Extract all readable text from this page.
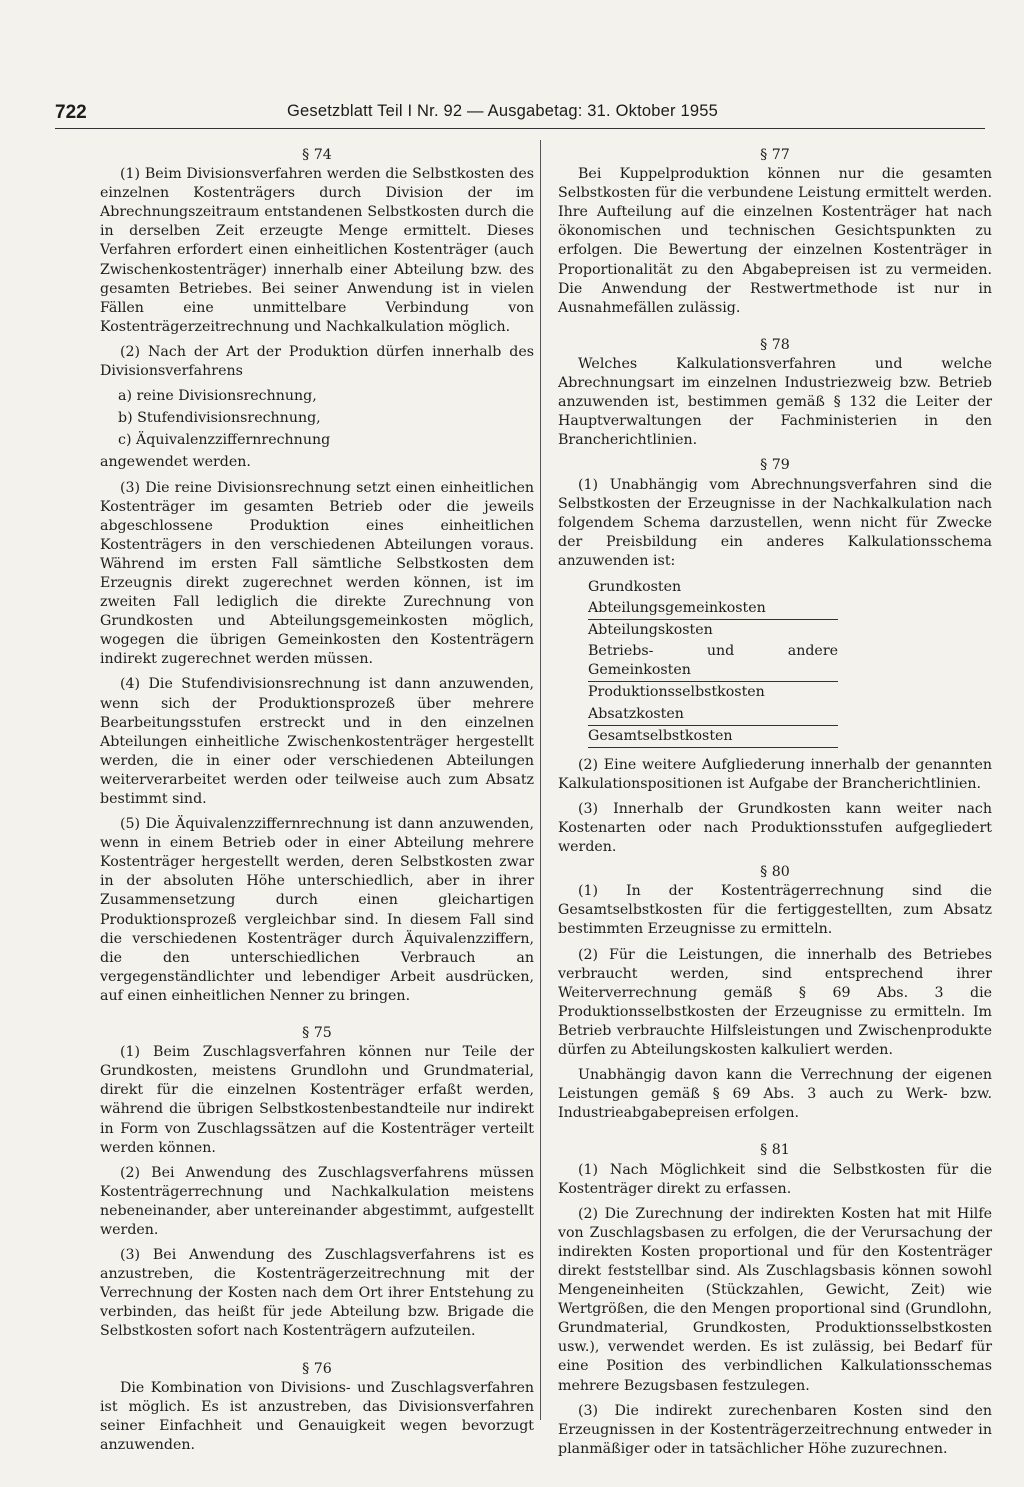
722	Gesetzblatt Teil I Nr. 92 — Ausgabetag: 31. Oktober 1955
§ 74

(1) Beim Divisionsverfahren werden die Selbstkosten des einzelnen Kostenträgers durch Division der im Abrechnungszeitraum entstandenen Selbstkosten durch die in derselben Zeit erzeugte Menge ermittelt. Dieses Verfahren erfordert einen einheitlichen Kostenträger (auch Zwischenkostenträger) innerhalb einer Abteilung bzw. des gesamten Betriebes. Bei seiner Anwendung ist in vielen Fällen eine unmittelbare Verbindung von Kostenträgerzeitrechnung und Nachkalkulation möglich.

(2) Nach der Art der Produktion dürfen innerhalb des Divisionsverfahrens

a) reine Divisionsrechnung,
b) Stufendivisionsrechnung,
c) Äquivalenzziffernrechnung

angewendet werden.

(3) Die reine Divisionsrechnung setzt einen einheitlichen Kostenträger im gesamten Betrieb oder die jeweils abgeschlossene Produktion eines einheitlichen Kostenträgers in den verschiedenen Abteilungen voraus. Während im ersten Fall sämtliche Selbstkosten dem Erzeugnis direkt zugerechnet werden können, ist im zweiten Fall lediglich die direkte Zurechnung von Grundkosten und Abteilungsgemeinkosten möglich, wogegen die übrigen Gemeinkosten den Kostenträgern indirekt zugerechnet werden müssen.

(4) Die Stufendivisionsrechnung ist dann anzuwenden, wenn sich der Produktionsprozeß über mehrere Bearbeitungsstufen erstreckt und in den einzelnen Abteilungen einheitliche Zwischenkostenträger hergestellt werden, die in einer oder verschiedenen Abteilungen weiterverarbeitet werden oder teilweise auch zum Absatz bestimmt sind.

(5) Die Äquivalenzziffernrechnung ist dann anzuwenden, wenn in einem Betrieb oder in einer Abteilung mehrere Kostenträger hergestellt werden, deren Selbstkosten zwar in der absoluten Höhe unterschiedlich, aber in ihrer Zusammensetzung durch einen gleichartigen Produktionsprozeß vergleichbar sind. In diesem Fall sind die verschiedenen Kostenträger durch Äquivalenzziffern, die den unterschiedlichen Verbrauch an vergegenständlichter und lebendiger Arbeit ausdrücken, auf einen einheitlichen Nenner zu bringen.

§ 75

(1) Beim Zuschlagsverfahren können nur Teile der Grundkosten, meistens Grundlohn und Grundmaterial, direkt für die einzelnen Kostenträger erfaßt werden, während die übrigen Selbstkostenbestandteile nur indirekt in Form von Zuschlagssätzen auf die Kostenträger verteilt werden können.

(2) Bei Anwendung des Zuschlagsverfahrens müssen Kostenträgerrechnung und Nachkalkulation meistens nebeneinander, aber untereinander abgestimmt, aufgestellt werden.

(3) Bei Anwendung des Zuschlagsverfahrens ist es anzustreben, die Kostenträgerzeitrechnung mit der Verrechnung der Kosten nach dem Ort ihrer Entstehung zu verbinden, das heißt für jede Abteilung bzw. Brigade die Selbstkosten sofort nach Kostenträgern aufzuteilen.

§ 76

Die Kombination von Divisions- und Zuschlagsverfahren ist möglich. Es ist anzustreben, das Divisionsverfahren seiner Einfachheit und Genauigkeit wegen bevorzugt anzuwenden.

§ 77

Bei Kuppelproduktion können nur die gesamten Selbstkosten für die verbundene Leistung ermittelt werden. Ihre Aufteilung auf die einzelnen Kostenträger hat nach ökonomischen und technischen Gesichtspunkten zu erfolgen. Die Bewertung der einzelnen Kostenträger in Proportionalität zu den Abgabepreisen ist zu vermeiden. Die Anwendung der Restwertmethode ist nur in Ausnahmefällen zulässig.

§ 78

Welches Kalkulationsverfahren und welche Abrechnungsart im einzelnen Industriezweig bzw. Betrieb anzuwenden ist, bestimmen gemäß § 132 die Leiter der Hauptverwaltungen der Fachministerien in den Brancherichtlinien.

§ 79

(1) Unabhängig vom Abrechnungsverfahren sind die Selbstkosten der Erzeugnisse in der Nachkalkulation nach folgendem Schema darzustellen, wenn nicht für Zwecke der Preisbildung ein anderes Kalkulationsschema anzuwenden ist:

Grundkosten
Abteilungsgemeinkosten
Abteilungskosten
Betriebs- und andere Gemeinkosten
Produktionsselbstkosten
Absatzkosten
Gesamtselbstkosten

(2) Eine weitere Aufgliederung innerhalb der genannten Kalkulationspositionen ist Aufgabe der Brancherichtlinien.

(3) Innerhalb der Grundkosten kann weiter nach Kostenarten oder nach Produktionsstufen aufgegliedert werden.

§ 80

(1) In der Kostenträgerrechnung sind die Gesamtselbstkosten für die fertiggestellten, zum Absatz bestimmten Erzeugnisse zu ermitteln.

(2) Für die Leistungen, die innerhalb des Betriebes verbraucht werden, sind entsprechend ihrer Weiterverrechnung gemäß § 69 Abs. 3 die Produktionsselbstkosten der Erzeugnisse zu ermitteln. Im Betrieb verbrauchte Hilfsleistungen und Zwischenprodukte dürfen zu Abteilungskosten kalkuliert werden.

Unabhängig davon kann die Verrechnung der eigenen Leistungen gemäß § 69 Abs. 3 auch zu Werk- bzw. Industrieabgabepreisen erfolgen.

§ 81

(1) Nach Möglichkeit sind die Selbstkosten für die Kostenträger direkt zu erfassen.

(2) Die Zurechnung der indirekten Kosten hat mit Hilfe von Zuschlagsbasen zu erfolgen, die der Verursachung der indirekten Kosten proportional und für den Kostenträger direkt feststellbar sind. Als Zuschlagsbasis können sowohl Mengeneinheiten (Stückzahlen, Gewicht, Zeit) wie Wertgrößen, die den Mengen proportional sind (Grundlohn, Grundmaterial, Grundkosten, Produktionsselbstkosten usw.), verwendet werden. Es ist zulässig, bei Bedarf für eine Position des verbindlichen Kalkulationsschemas mehrere Bezugsbasen festzulegen.

(3) Die indirekt zurechenbaren Kosten sind den Erzeugnissen in der Kostenträgerzeitrechnung entweder in planmäßiger oder in tatsächlicher Höhe zuzurechnen.
